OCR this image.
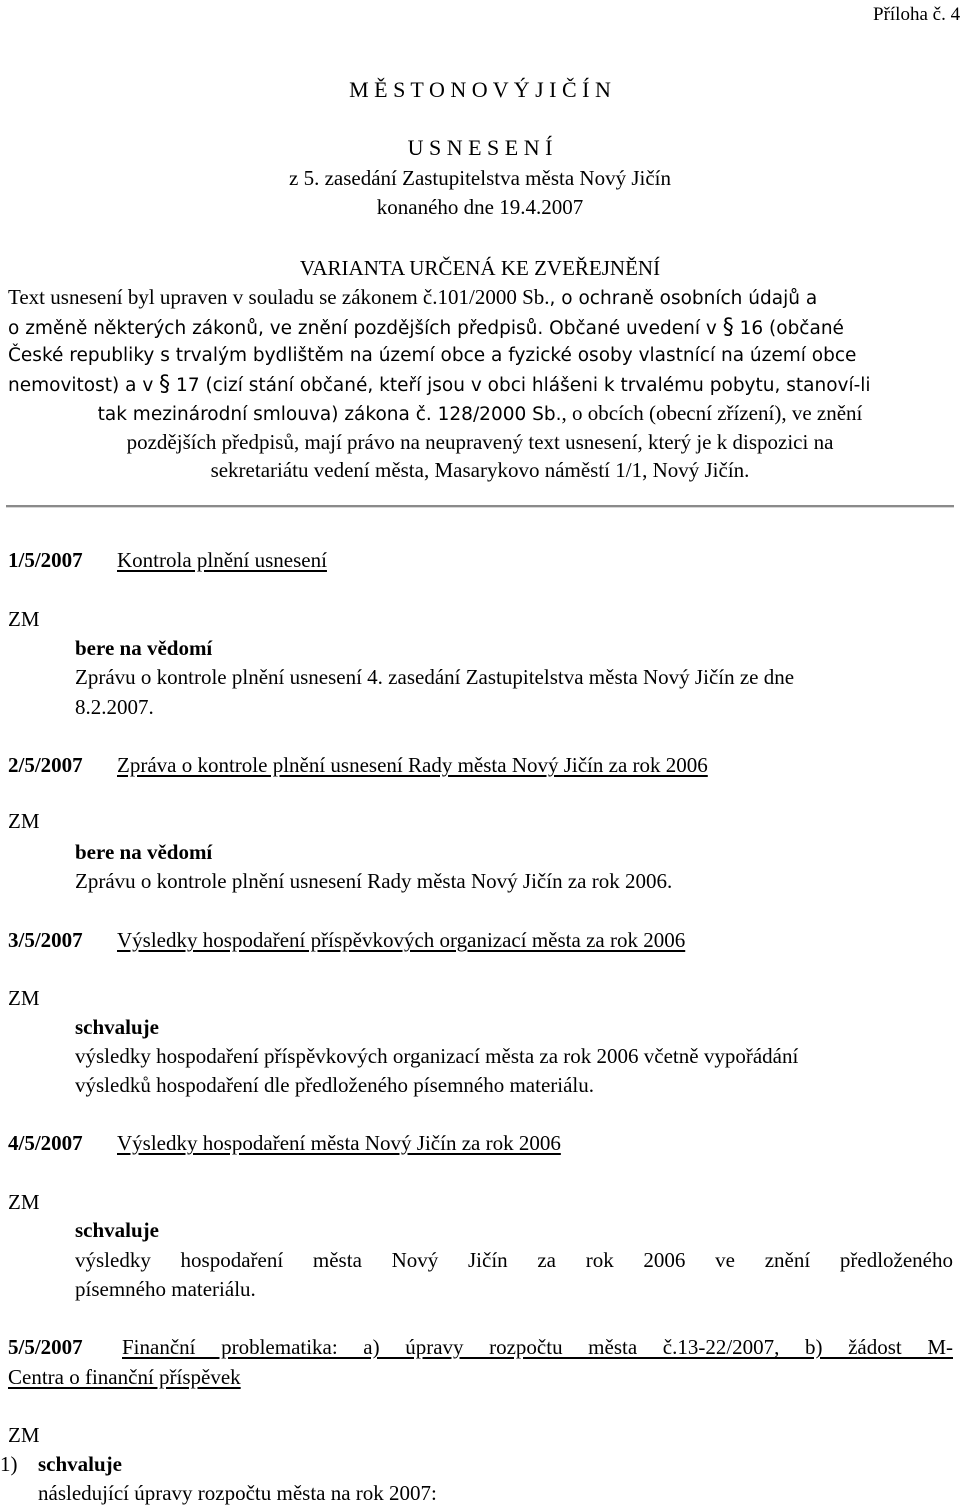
Příloha č. 4
M Ě S T O N O V Ý J I Č Í N
U S N E S E N Í
z 5. zasedání Zastupitelstva města Nový Jičín
konaného dne 19.4.2007
VARIANTA URČENÁ KE ZVEŘEJNĚNÍ
Text usnesení byl upraven v souladu se zákonem č.101/2000 Sb., o ochraně osobních údajů a
o změně některých zákonů, ve znění pozdějších předpisů. Občané uvedení v § 16 (občané
České republiky s trvalým bydlištěm na území obce a fyzické osoby vlastnící na území obce
nemovitost) a v § 17 (cizí stání občané, kteří jsou v obci hlášeni k trvalému pobytu, stanoví-li
tak mezinárodní smlouva) zákona č. 128/2000 Sb., o obcích (obecní zřízení), ve znění
pozdějších předpisů, mají právo na neupravený text usnesení, který je k dispozici na
sekretariátu vedení města, Masarykovo náměstí 1/1, Nový Jičín.
1/5/2007 Kontrola plnění usnesení
ZM
bere na vědomí
Zprávu o kontrole plnění usnesení 4. zasedání Zastupitelstva města Nový Jičín ze dne
8.2.2007.
2/5/2007 Zpráva o kontrole plnění usnesení Rady města Nový Jičín za rok 2006
ZM
bere na vědomí
Zprávu o kontrole plnění usnesení Rady města Nový Jičín za rok 2006.
3/5/2007 Výsledky hospodaření příspěvkových organizací města za rok 2006
ZM
schvaluje
výsledky hospodaření příspěvkových organizací města za rok 2006 včetně vypořádání
výsledků hospodaření dle předloženého písemného materiálu.
4/5/2007 Výsledky hospodaření města Nový Jičín za rok 2006
ZM
schvaluje
výsledky hospodaření města Nový Jičín za rok 2006 ve znění předloženého
písemného materiálu.
5/5/2007 Finanční problematika: a) úpravy rozpočtu města č.13-22/2007, b) žádost M-
Centra o finanční příspěvek
ZM
1) schvaluje
následující úpravy rozpočtu města na rok 2007:
